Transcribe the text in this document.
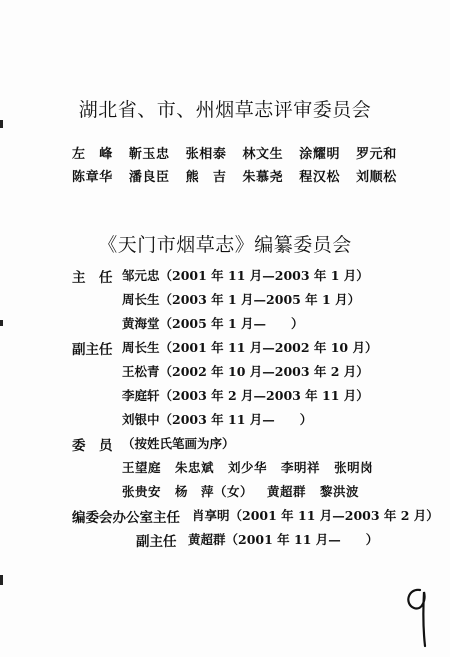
湖北省、市、州烟草志评审委员会
左　峰 靳玉忠 张相泰 林文生 涂耀明 罗元和
陈章华 潘良臣 熊　吉 朱慕尧 程汉松 刘顺松
《天门市烟草志》编纂委员会
主　任 邹元忠（2001 年 11 月—2003 年 1 月）
周长生（2003 年 1 月—2005 年 1 月）
黄海堂（2005 年 1 月—　　）
副主任 周长生（2001 年 11 月—2002 年 10 月）
王松青（2002 年 10 月—2003 年 2 月）
李庭轩（2003 年 2 月—2003 年 11 月）
刘银中（2003 年 11 月—　　）
委　员 （按姓氏笔画为序）
王望庭 朱忠斌 刘少华 李明祥 张明岗
张贵安 杨　萍（女） 黄超群 黎洪波
编委会办公室主任 肖享明（2001 年 11 月—2003 年 2 月）
副主任 黄超群（2001 年 11 月—　　）
